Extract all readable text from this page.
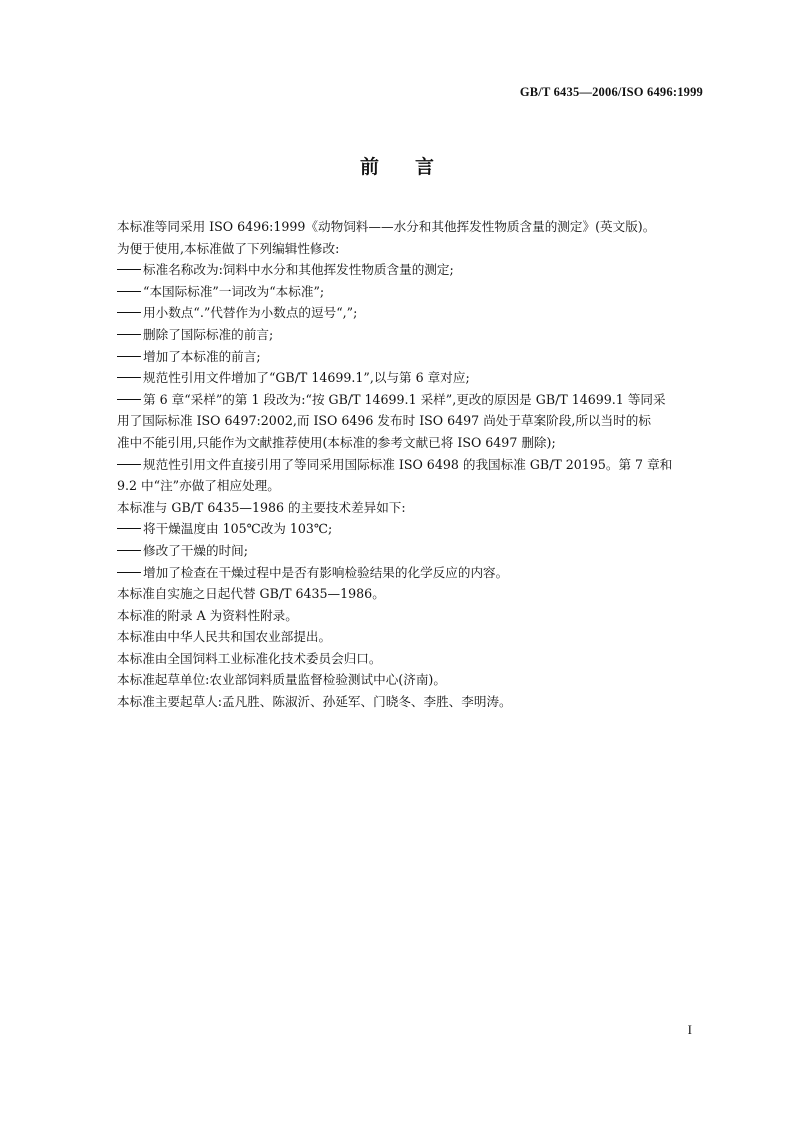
GB/T 6435—2006/ISO 6496:1999
前言

本标准等同采用 ISO 6496:1999《动物饲料——水分和其他挥发性物质含量的测定》(英文版)。

为便于使用,本标准做了下列编辑性修改:

标准名称改为:饲料中水分和其他挥发性物质含量的测定;

“本国际标准”一词改为“本标准”;

用小数点“.”代替作为小数点的逗号“,”;

删除了国际标准的前言;

增加了本标准的前言;

规范性引用文件增加了“GB/T 14699.1”,以与第 6 章对应;

第 6 章“采样”的第 1 段改为:“按 GB/T 14699.1 采样”,更改的原因是 GB/T 14699.1 等同采
用了国际标准 ISO 6497:2002,而 ISO 6496 发布时 ISO 6497 尚处于草案阶段,所以当时的标
准中不能引用,只能作为文献推荐使用(本标准的参考文献已将 ISO 6497 删除);

规范性引用文件直接引用了等同采用国际标准 ISO 6498 的我国标准 GB/T 20195。第 7 章和
9.2 中“注”亦做了相应处理。

本标准与 GB/T 6435—1986 的主要技术差异如下:

将干燥温度由 105℃改为 103℃;

修改了干燥的时间;

增加了检查在干燥过程中是否有影响检验结果的化学反应的内容。

本标准自实施之日起代替 GB/T 6435—1986。

本标准的附录 A 为资料性附录。

本标准由中华人民共和国农业部提出。

本标准由全国饲料工业标准化技术委员会归口。

本标准起草单位:农业部饲料质量监督检验测试中心(济南)。

本标准主要起草人:孟凡胜、陈淑沂、孙延军、门晓冬、李胜、李明涛。

I
